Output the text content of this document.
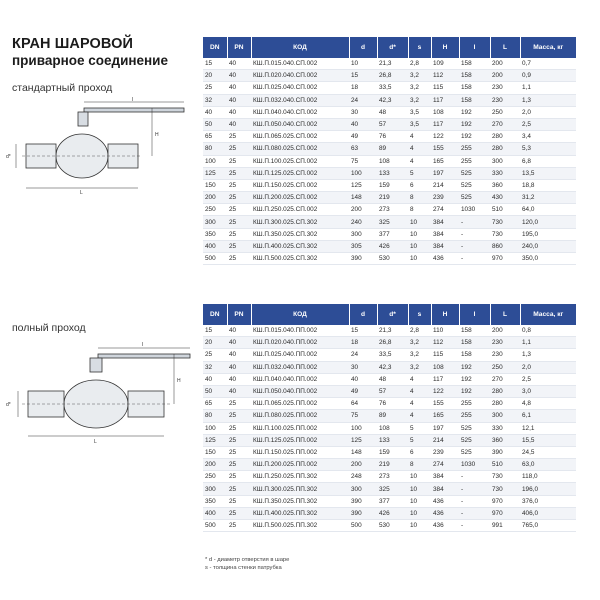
КРАН ШАРОВОЙ
приварное соединение
стандартный проход
полный проход
I
H
L
d*
I
H
L
d*
DN	PN	КОД	d	d*	s	H	I	L	Масса, кг
15	40	КШ.П.015.040.СП.002	10	21,3	2,8	109	158	200	0,7
20	40	КШ.П.020.040.СП.002	15	26,8	3,2	112	158	200	0,9
25	40	КШ.П.025.040.СП.002	18	33,5	3,2	115	158	230	1,1
32	40	КШ.П.032.040.СП.002	24	42,3	3,2	117	158	230	1,3
40	40	КШ.П.040.040.СП.002	30	48	3,5	108	192	250	2,0
50	40	КШ.П.050.040.СП.002	40	57	3,5	117	192	270	2,5
65	25	КШ.П.065.025.СП.002	49	76	4	122	192	280	3,4
80	25	КШ.П.080.025.СП.002	63	89	4	155	255	280	5,3
100	25	КШ.П.100.025.СП.002	75	108	4	165	255	300	6,8
125	25	КШ.П.125.025.СП.002	100	133	5	197	525	330	13,5
150	25	КШ.П.150.025.СП.002	125	159	6	214	525	360	18,8
200	25	КШ.П.200.025.СП.002	148	219	8	239	525	430	31,2
250	25	КШ.П.250.025.СП.002	200	273	8	274	1030	510	64,0
300	25	КШ.П.300.025.СП.302	240	325	10	384	-	730	120,0
350	25	КШ.П.350.025.СП.302	300	377	10	384	-	730	195,0
400	25	КШ.П.400.025.СП.302	305	426	10	384	-	860	240,0
500	25	КШ.П.500.025.СП.302	390	530	10	436	-	970	350,0
DN	PN	КОД	d	d*	s	H	I	L	Масса, кг
15	40	КШ.П.015.040.ПП.002	15	21,3	2,8	110	158	200	0,8
20	40	КШ.П.020.040.ПП.002	18	26,8	3,2	112	158	230	1,1
25	40	КШ.П.025.040.ПП.002	24	33,5	3,2	115	158	230	1,3
32	40	КШ.П.032.040.ПП.002	30	42,3	3,2	108	192	250	2,0
40	40	КШ.П.040.040.ПП.002	40	48	4	117	192	270	2,5
50	40	КШ.П.050.040.ПП.002	49	57	4	122	192	280	3,0
65	25	КШ.П.065.025.ПП.002	64	76	4	155	255	280	4,8
80	25	КШ.П.080.025.ПП.002	75	89	4	165	255	300	6,1
100	25	КШ.П.100.025.ПП.002	100	108	5	197	525	330	12,1
125	25	КШ.П.125.025.ПП.002	125	133	5	214	525	360	15,5
150	25	КШ.П.150.025.ПП.002	148	159	6	239	525	390	24,5
200	25	КШ.П.200.025.ПП.002	200	219	8	274	1030	510	63,0
250	25	КШ.П.250.025.ПП.302	248	273	10	384	-	730	118,0
300	25	КШ.П.300.025.ПП.302	300	325	10	384	-	730	196,0
350	25	КШ.П.350.025.ПП.302	390	377	10	436	-	970	376,0
400	25	КШ.П.400.025.ПП.302	390	426	10	436	-	970	406,0
500	25	КШ.П.500.025.ПП.302	500	530	10	436	-	991	765,0
* d - диаметр отверстия в шаре
s - толщина стенки патрубка
